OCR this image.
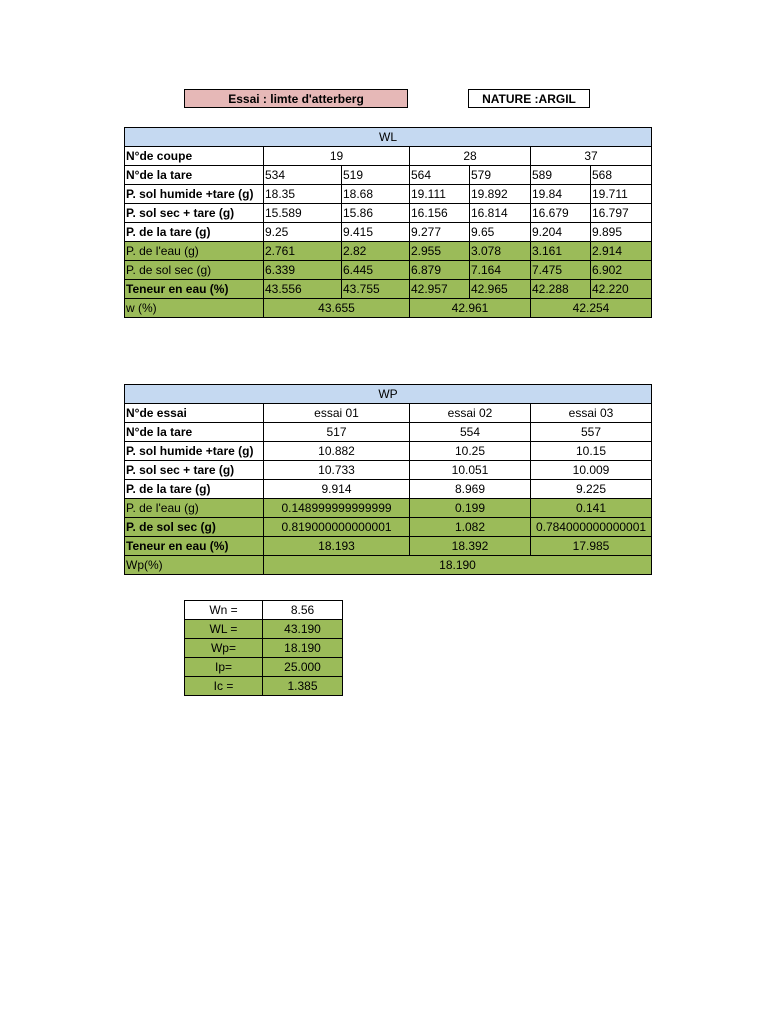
Essai : limte d'atterberg	NATURE :ARGIL
WL						
N°de coupe	19		28		37	
N°de la tare	534	519	564	579	589	568
P. sol humide +tare (g)	18.35	18.68	19.111	19.892	19.84	19.711
P. sol sec + tare (g)	15.589	15.86	16.156	16.814	16.679	16.797
P. de la tare (g)	9.25	9.415	9.277	9.65	9.204	9.895
P. de l'eau (g)	2.761	2.82	2.955	3.078	3.161	2.914
P. de sol sec (g)	6.339	6.445	6.879	7.164	7.475	6.902
Teneur en eau (%)	43.556	43.755	42.957	42.965	42.288	42.220
w (%)	43.655		42.961		42.254	
WP			
N°de essai	essai 01	essai 02	essai 03
N°de la tare	517	554	557
P. sol humide +tare (g)	10.882	10.25	10.15
P. sol sec + tare (g)	10.733	10.051	10.009
P. de la tare (g)	9.914	8.969	9.225
P. de l'eau (g)	0.148999999999999	0.199	0.141
P. de sol sec (g)	0.819000000000001	1.082	0.784000000000001
Teneur en eau (%)	18.193	18.392	17.985
Wp(%)	18.190		
Wn =	8.56
WL =	43.190
Wp=	18.190
Ip=	25.000
Ic =	1.385
